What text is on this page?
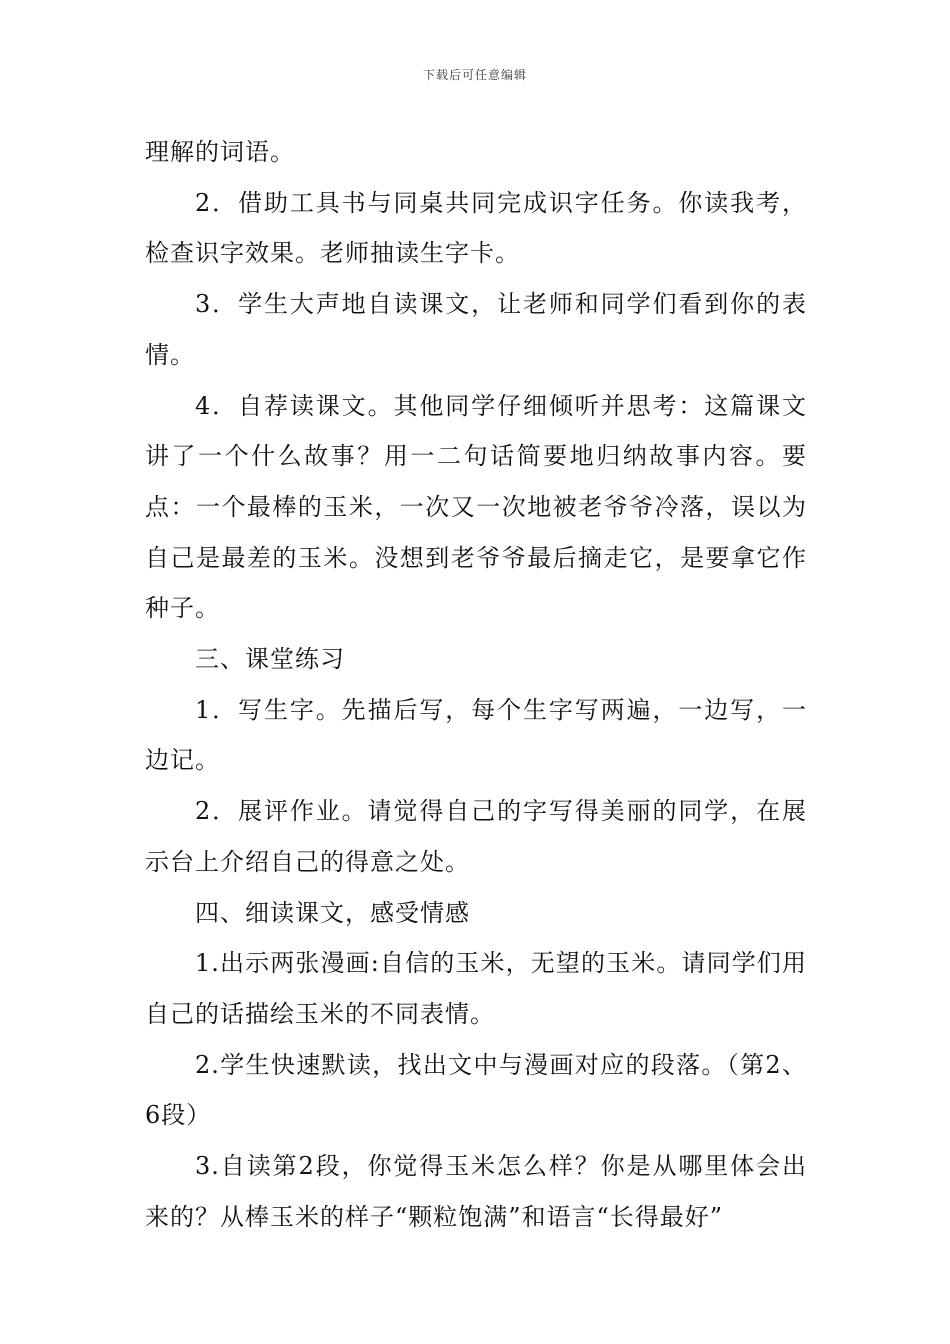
下载后可任意编辑

理解的词语。

2．借助工具书与同桌共同完成识字任务。你读我考，检查识字效果。老师抽读生字卡。

3．学生大声地自读课文，让老师和同学们看到你的表情。

4．自荐读课文。其他同学仔细倾听并思考：这篇课文讲了一个什么故事？用一二句话简要地归纳故事内容。要点：一个最棒的玉米，一次又一次地被老爷爷冷落，误以为自己是最差的玉米。没想到老爷爷最后摘走它，是要拿它作种子。

三、课堂练习

1．写生字。先描后写，每个生字写两遍，一边写，一边记。

2．展评作业。请觉得自己的字写得美丽的同学，在展示台上介绍自己的得意之处。

四、细读课文，感受情感

1.出示两张漫画:自信的玉米，无望的玉米。请同学们用自己的话描绘玉米的不同表情。

2.学生快速默读，找出文中与漫画对应的段落。（第2、6段）

3.自读第2段，你觉得玉米怎么样？你是从哪里体会出来的？从棒玉米的样子“颗粒饱满”和语言“长得最好”
